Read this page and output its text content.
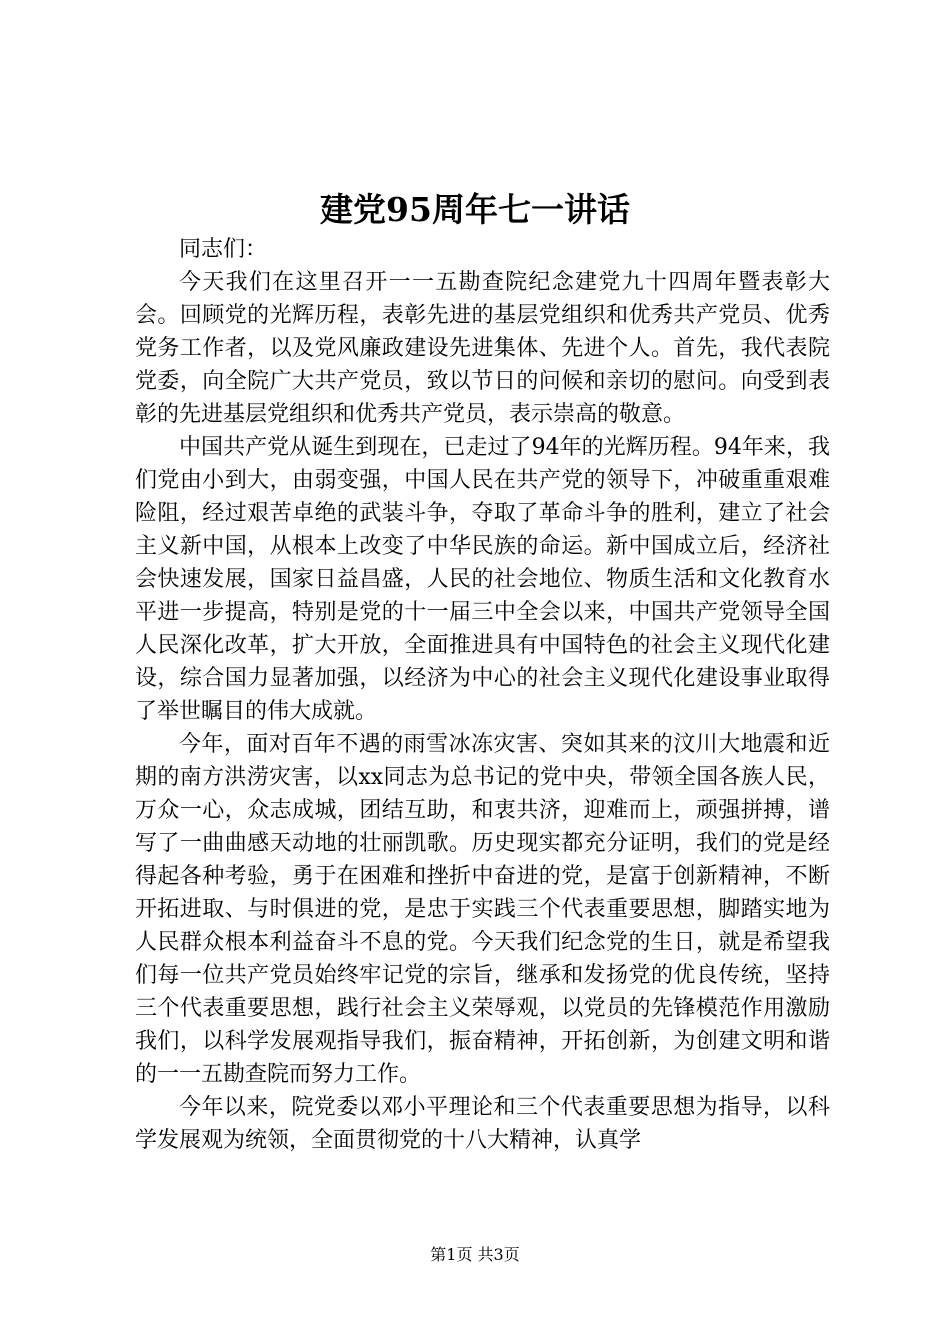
建党95周年七一讲话

同志们：

今天我们在这里召开一一五勘查院纪念建党九十四周年暨表彰大会。回顾党的光辉历程，表彰先进的基层党组织和优秀共产党员、优秀党务工作者，以及党风廉政建设先进集体、先进个人。首先，我代表院党委，向全院广大共产党员，致以节日的问候和亲切的慰问。向受到表彰的先进基层党组织和优秀共产党员，表示崇高的敬意。

中国共产党从诞生到现在，已走过了94年的光辉历程。94年来，我们党由小到大，由弱变强，中国人民在共产党的领导下，冲破重重艰难险阻，经过艰苦卓绝的武装斗争，夺取了革命斗争的胜利，建立了社会主义新中国，从根本上改变了中华民族的命运。新中国成立后，经济社会快速发展，国家日益昌盛，人民的社会地位、物质生活和文化教育水平进一步提高，特别是党的十一届三中全会以来，中国共产党领导全国人民深化改革，扩大开放，全面推进具有中国特色的社会主义现代化建设，综合国力显著加强，以经济为中心的社会主义现代化建设事业取得了举世瞩目的伟大成就。

今年，面对百年不遇的雨雪冰冻灾害、突如其来的汶川大地震和近期的南方洪涝灾害，以xx同志为总书记的党中央，带领全国各族人民，万众一心，众志成城，团结互助，和衷共济，迎难而上，顽强拼搏，谱写了一曲曲感天动地的壮丽凯歌。历史现实都充分证明，我们的党是经得起各种考验，勇于在困难和挫折中奋进的党，是富于创新精神，不断开拓进取、与时俱进的党，是忠于实践三个代表重要思想，脚踏实地为人民群众根本利益奋斗不息的党。今天我们纪念党的生日，就是希望我们每一位共产党员始终牢记党的宗旨，继承和发扬党的优良传统，坚持三个代表重要思想，践行社会主义荣辱观，以党员的先锋模范作用激励我们，以科学发展观指导我们，振奋精神，开拓创新，为创建文明和谐的一一五勘查院而努力工作。

今年以来，院党委以邓小平理论和三个代表重要思想为指导，以科学发展观为统领，全面贯彻党的十八大精神，认真学

第1页 共3页
